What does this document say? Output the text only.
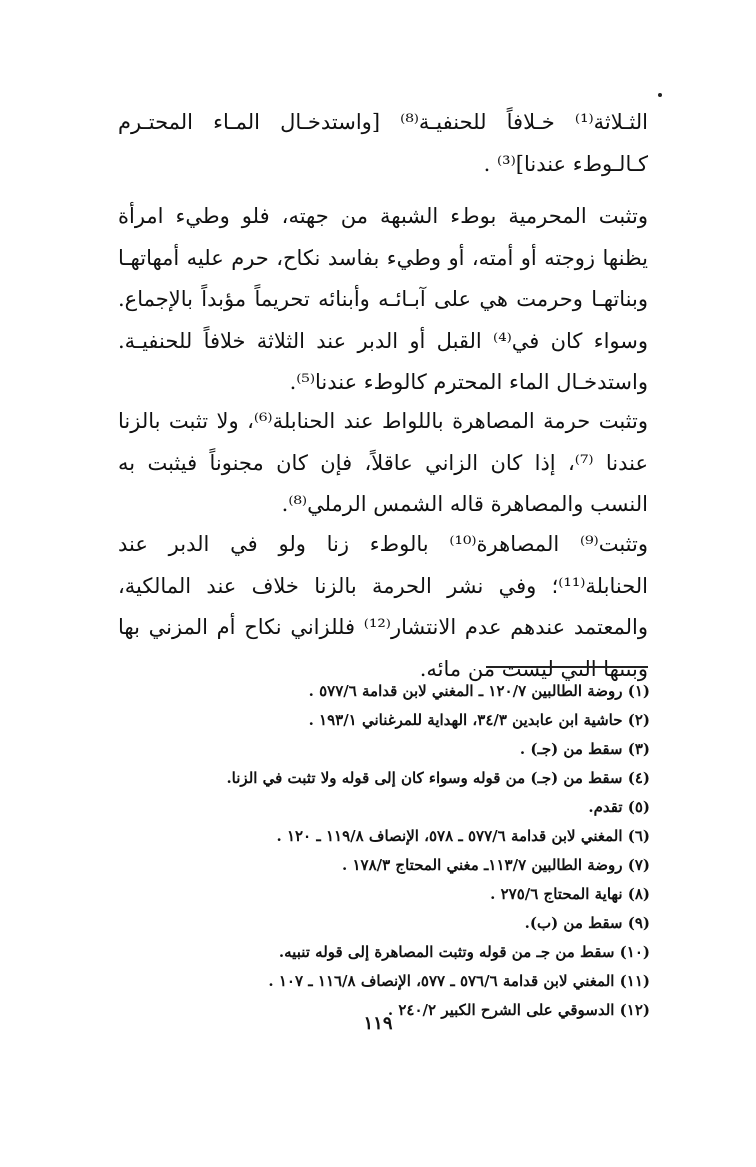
الثـلاثة⁽¹⁾ خـلافاً للحنفيـة⁽⁸⁾ [واستدخـال المـاء المحتـرم كـالـوطء عندنا]⁽³⁾ .

وتثبت المحرمية بوطء الشبهة من جهته، فلو وطيء امرأة يظنها زوجته أو أمته، أو وطيء بفاسد نكاح، حرم عليه أمهاتهـا وبناتهـا وحرمت هي على آبـائـه وأبنائه تحريماً مؤبداً بالإجماع. وسواء كان في⁽⁴⁾ القبل أو الدبر عند الثلاثة خلافاً للحنفيـة. واستدخـال الماء المحترم كالوطء عندنا⁽⁵⁾.

وتثبت حرمة المصاهرة باللواط عند الحنابلة⁽⁶⁾، ولا تثبت بالزنا عندنا ⁽⁷⁾، إذا كان الزاني عاقلاً، فإن كان مجنوناً فيثبت به النسب والمصاهرة قاله الشمس الرملي⁽⁸⁾.

وتثبت⁽⁹⁾ المصاهرة⁽¹⁰⁾ بالوطء زنا ولو في الدبر عند الحنابلة⁽¹¹⁾؛ وفي نشر الحرمة بالزنا خلاف عند المالكية، والمعتمد عندهم عدم الانتشار⁽¹²⁾ فللزاني نكاح أم المزني بها وبنتها التي ليست من مائه.

(١) روضة الطالبين ١٢٠/٧ ـ المغني لابن قدامة ٥٧٧/٦ .
(٢) حاشية ابن عابدين ٣٤/٣، الهداية للمرغناني ١٩٣/١ .
(٣) سقط من (جـ) .
(٤) سقط من (جـ) من قوله وسواء كان إلى قوله ولا تثبت في الزنا.
(٥) تقدم.
(٦) المغني لابن قدامة ٥٧٧/٦ ـ ٥٧٨، الإنصاف ١١٩/٨ ـ ١٢٠ .
(٧) روضة الطالبين ١١٣/٧ـ مغني المحتاج ١٧٨/٣ .
(٨) نهاية المحتاج ٢٧٥/٦ .
(٩) سقط من (ب).
(١٠) سقط من جـ من قوله وتثبت المصاهرة إلى قوله تنبيه.
(١١) المغني لابن قدامة ٥٧٦/٦ ـ ٥٧٧، الإنصاف ١١٦/٨ ـ ١٠٧ .
(١٢) الدسوقي على الشرح الكبير ٢٤٠/٢ .
١١٩
